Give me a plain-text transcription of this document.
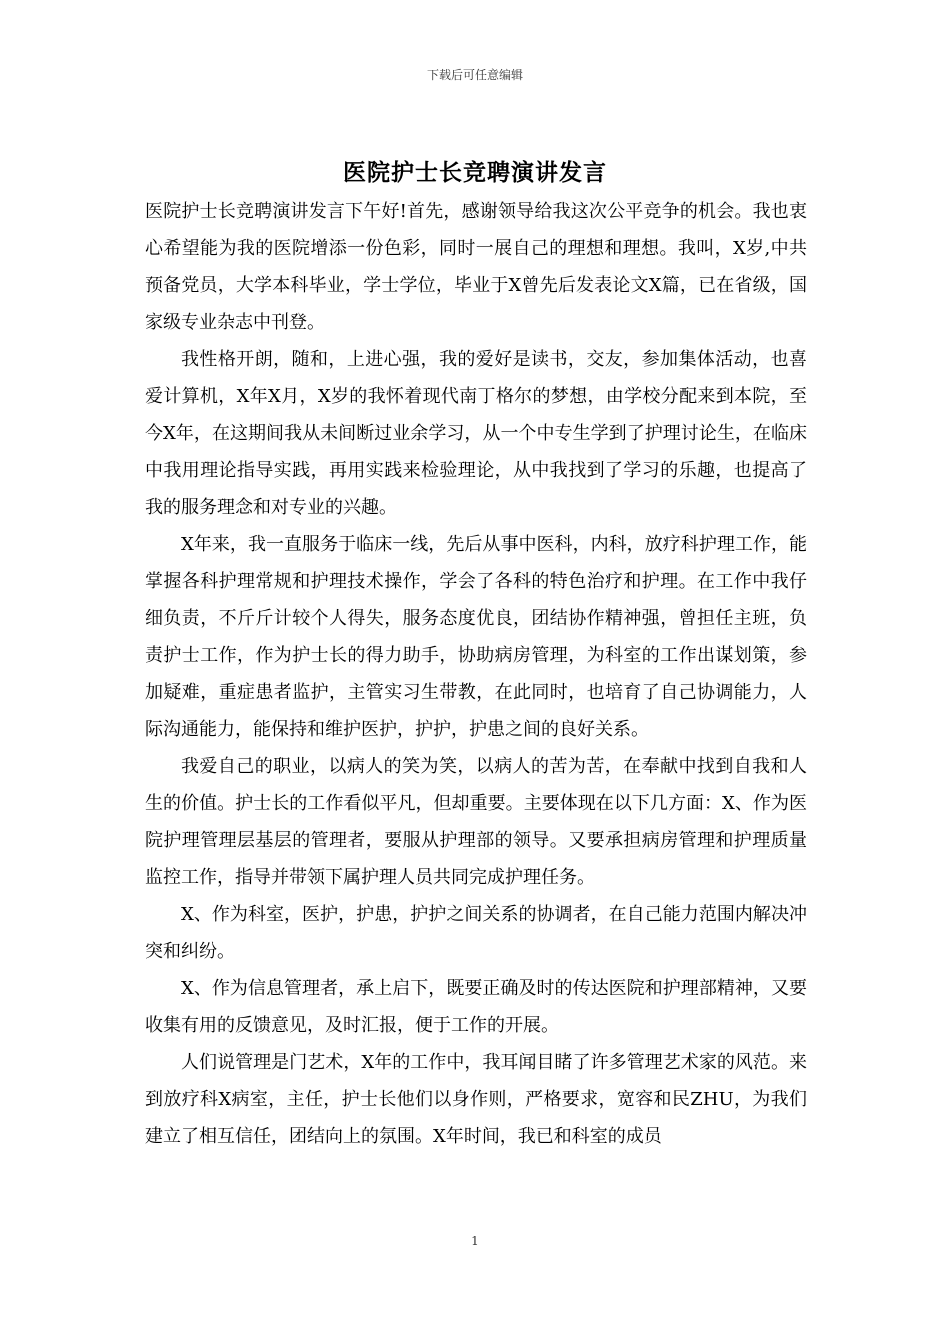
下载后可任意编辑
医院护士长竞聘演讲发言

医院护士长竞聘演讲发言下午好!首先，感谢领导给我这次公平竞争的机会。我也衷心希望能为我的医院增添一份色彩，同时一展自己的理想和理想。我叫，X岁,中共预备党员，大学本科毕业，学士学位，毕业于X曾先后发表论文X篇，已在省级，国家级专业杂志中刊登。

我性格开朗，随和，上进心强，我的爱好是读书，交友，参加集体活动，也喜爱计算机，X年X月，X岁的我怀着现代南丁格尔的梦想，由学校分配来到本院，至今X年，在这期间我从未间断过业余学习，从一个中专生学到了护理讨论生，在临床中我用理论指导实践，再用实践来检验理论，从中我找到了学习的乐趣，也提高了我的服务理念和对专业的兴趣。

X年来，我一直服务于临床一线，先后从事中医科，内科，放疗科护理工作，能掌握各科护理常规和护理技术操作，学会了各科的特色治疗和护理。在工作中我仔细负责，不斤斤计较个人得失，服务态度优良，团结协作精神强，曾担任主班，负责护士工作，作为护士长的得力助手，协助病房管理，为科室的工作出谋划策，参加疑难，重症患者监护，主管实习生带教，在此同时，也培育了自己协调能力，人际沟通能力，能保持和维护医护，护护，护患之间的良好关系。

我爱自己的职业，以病人的笑为笑，以病人的苦为苦，在奉献中找到自我和人生的价值。护士长的工作看似平凡，但却重要。主要体现在以下几方面：X、作为医院护理管理层基层的管理者，要服从护理部的领导。又要承担病房管理和护理质量监控工作，指导并带领下属护理人员共同完成护理任务。

X、作为科室，医护，护患，护护之间关系的协调者，在自己能力范围内解决冲突和纠纷。

X、作为信息管理者，承上启下，既要正确及时的传达医院和护理部精神，又要收集有用的反馈意见，及时汇报，便于工作的开展。

人们说管理是门艺术，X年的工作中，我耳闻目睹了许多管理艺术家的风范。来到放疗科X病室，主任，护士长他们以身作则，严格要求，宽容和民ZHU，为我们建立了相互信任，团结向上的氛围。X年时间，我已和科室的成员

1
